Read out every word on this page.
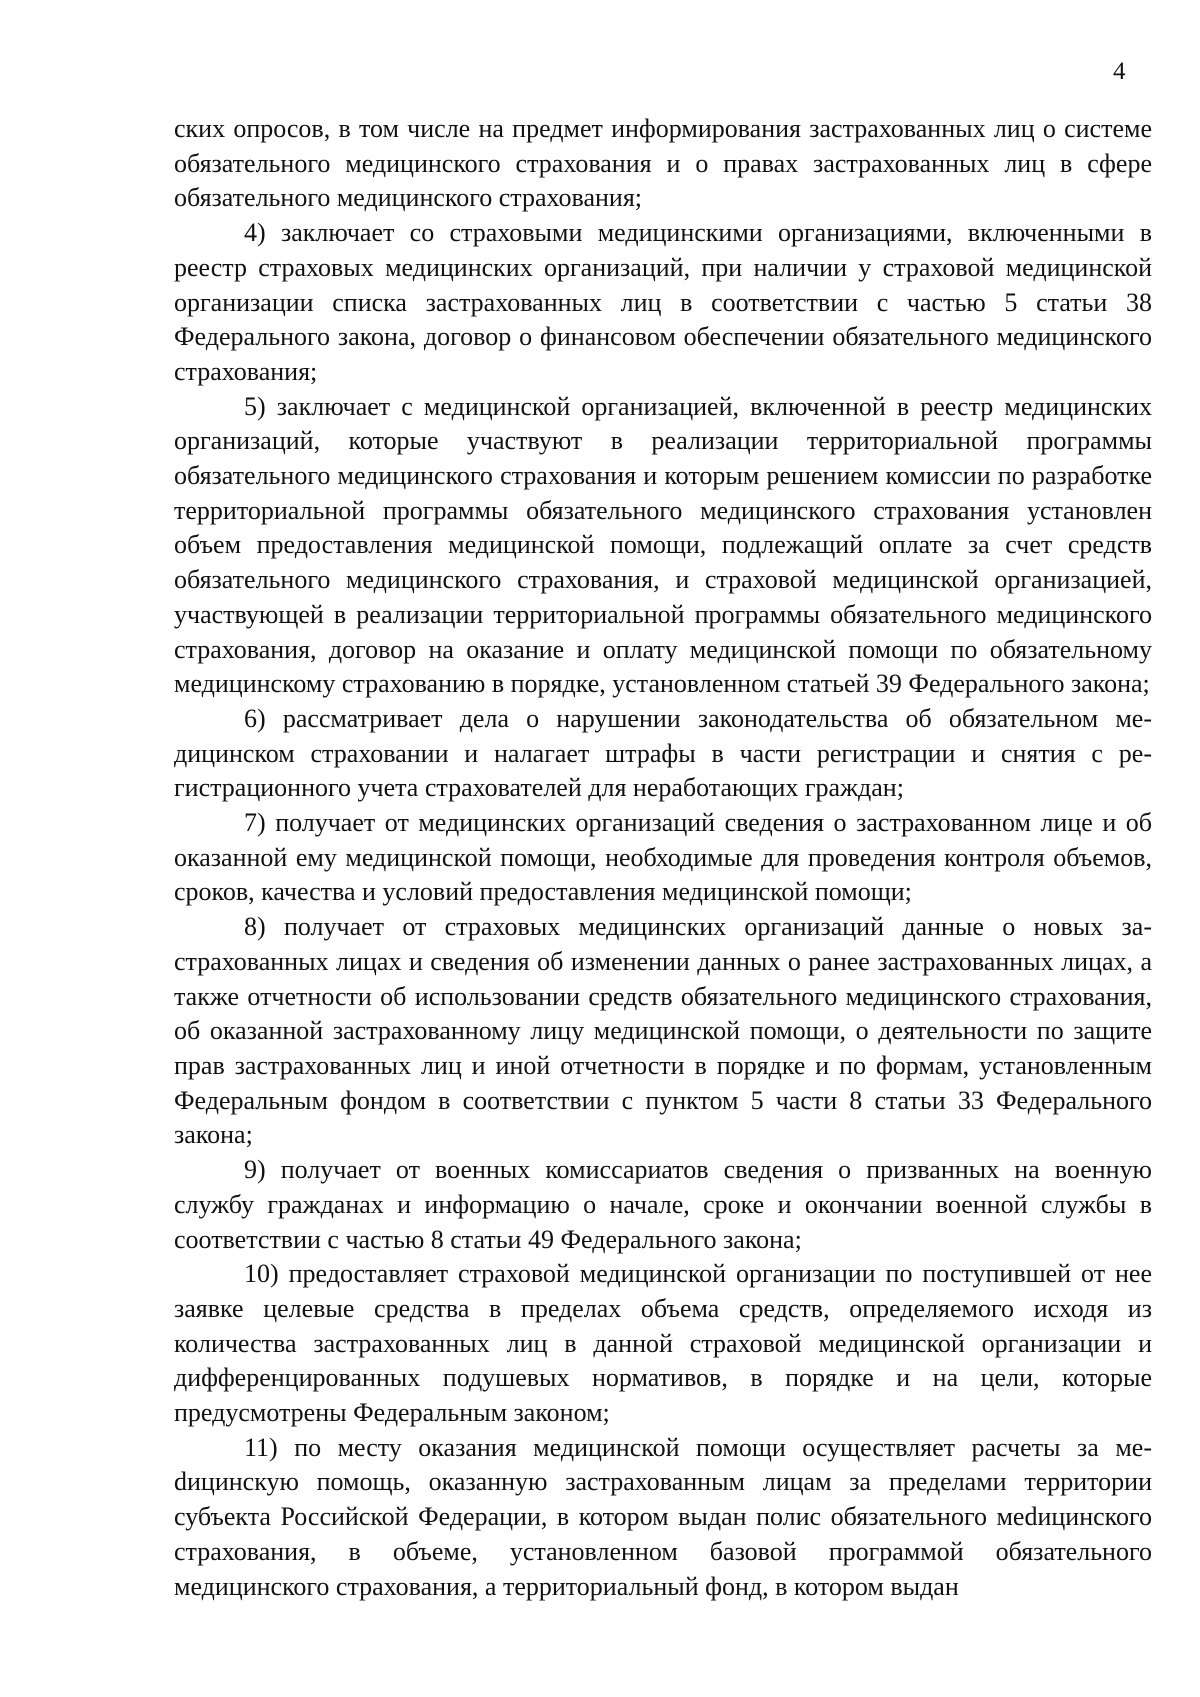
4

ских опросов, в том числе на предмет информирования застрахованных лиц о системе обязательного медицинского страхования и о правах застрахованных лиц в сфере обязательного медицинского страхования;

4) заключает со страховыми медицинскими организациями, включенными в реестр страховых медицинских организаций, при наличии у страховой медицинской организации списка застрахованных лиц в соответствии с частью 5 статьи 38 Федерального закона, договор о финансовом обеспечении обязательного медицинского страхования;

5) заключает с медицинской организацией, включенной в реестр медицинских организаций, которые участвуют в реализации территориальной программы обязательного медицинского страхования и которым решением комиссии по разработке территориальной программы обязательного медицинского страхования установлен объем предоставления медицинской помощи, подлежащий оплате за счет средств обязательного медицинского страхования, и страховой медицинской организацией, участвующей в реализации территориальной программы обязательного медицинского страхования, договор на оказание и оплату медицинской помощи по обязательному медицинскому страхованию в порядке, установленном статьей 39 Федерального закона;

6) рассматривает дела о нарушении законодательства об обязательном медицинском страховании и налагает штрафы в части регистрации и снятия с регистрационного учета страхователей для неработающих граждан;

7) получает от медицинских организаций сведения о застрахованном лице и об оказанной ему медицинской помощи, необходимые для проведения контроля объемов, сроков, качества и условий предоставления медицинской помощи;

8) получает от страховых медицинских организаций данные о новых застрахованных лицах и сведения об изменении данных о ранее застрахованных лицах, а также отчетности об использовании средств обязательного медицинского страхования, об оказанной застрахованному лицу медицинской помощи, о деятельности по защите прав застрахованных лиц и иной отчетности в порядке и по формам, установленным Федеральным фондом в соответствии с пунктом 5 части 8 статьи 33 Федерального закона;

9) получает от военных комиссариатов сведения о призванных на военную службу гражданах и информацию о начале, сроке и окончании военной службы в соответствии с частью 8 статьи 49 Федерального закона;

10) предоставляет страховой медицинской организации по поступившей от нее заявке целевые средства в пределах объема средств, определяемого исходя из количества застрахованных лиц в данной страховой медицинской организации и дифференцированных подушевых нормативов, в порядке и на цели, которые предусмотрены Федеральным законом;

11) по месту оказания медицинской помощи осуществляет расчеты за меdицинскую помощь, оказанную застрахованным лицам за пределами территории субъекта Российской Федерации, в котором выдан полис обязательного меdицинского страхования, в объеме, установленном базовой программой обязательного медицинского страхования, а территориальный фонд, в котором выдан
